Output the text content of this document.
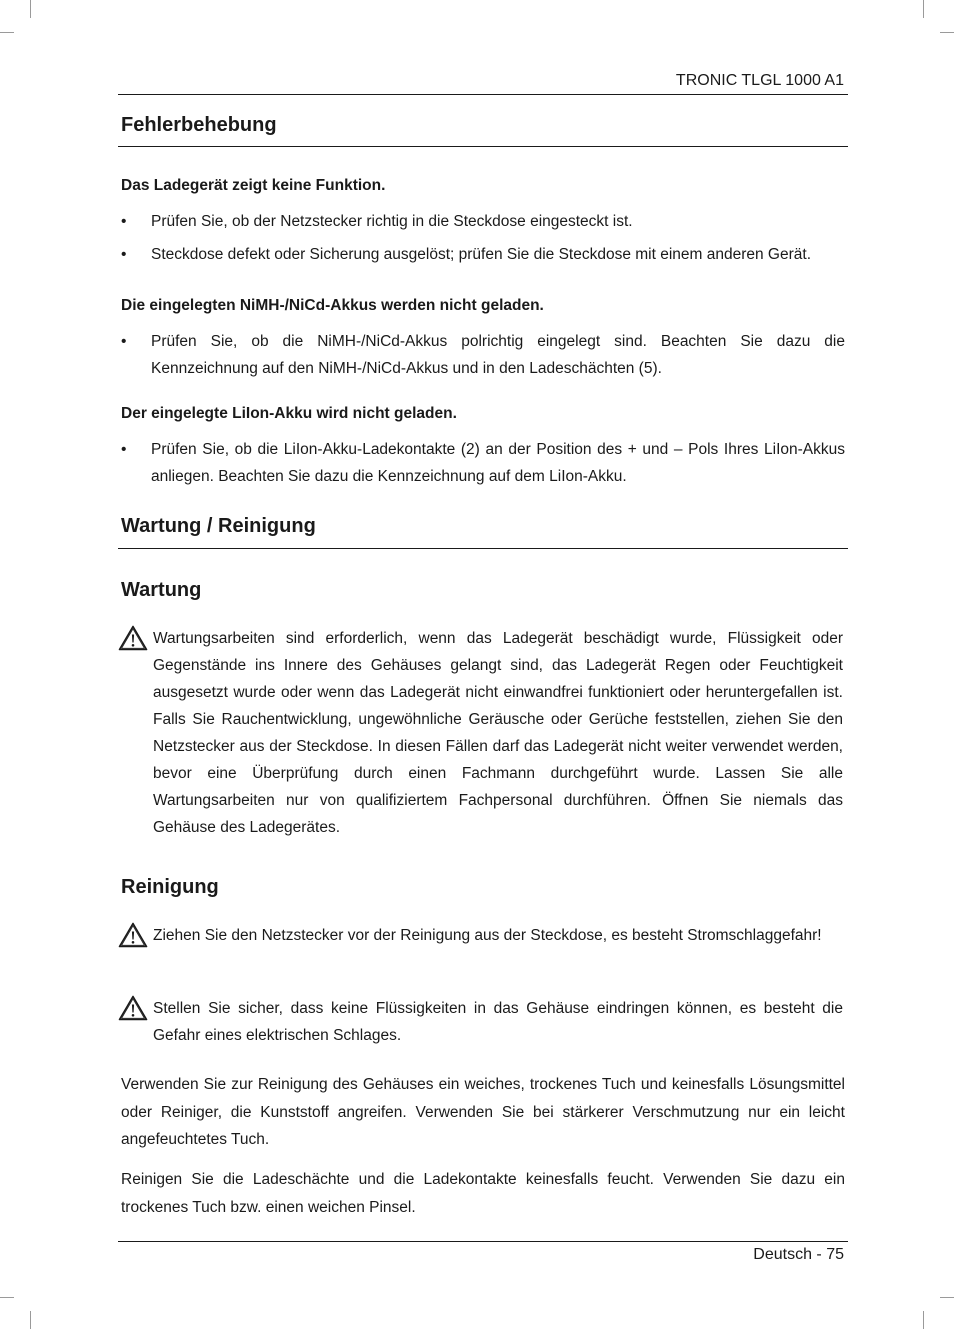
TRONIC TLGL 1000 A1
Fehlerbehebung
Das Ladegerät zeigt keine Funktion.
• Prüfen Sie, ob der Netzstecker richtig in die Steckdose eingesteckt ist.
• Steckdose defekt oder Sicherung ausgelöst; prüfen Sie die Steckdose mit einem anderen Gerät.
Die eingelegten NiMH-/NiCd-Akkus werden nicht geladen.
• Prüfen Sie, ob die NiMH-/NiCd-Akkus polrichtig eingelegt sind. Beachten Sie dazu die Kennzeichnung auf den NiMH-/NiCd-Akkus und in den Ladeschächten (5).
Der eingelegte LiIon-Akku wird nicht geladen.
• Prüfen Sie, ob die LiIon-Akku-Ladekontakte (2) an der Position des + und – Pols Ihres LiIon-Akkus anliegen. Beachten Sie dazu die Kennzeichnung auf dem LiIon-Akku.
Wartung / Reinigung
Wartung
Wartungsarbeiten sind erforderlich, wenn das Ladegerät beschädigt wurde, Flüssigkeit oder Gegenstände ins Innere des Gehäuses gelangt sind, das Ladegerät Regen oder Feuchtigkeit ausgesetzt wurde oder wenn das Ladegerät nicht einwandfrei funktioniert oder heruntergefallen ist. Falls Sie Rauchentwicklung, ungewöhnliche Geräusche oder Gerüche feststellen, ziehen Sie den Netzstecker aus der Steckdose. In diesen Fällen darf das Ladegerät nicht weiter verwendet werden, bevor eine Überprüfung durch einen Fachmann durchgeführt wurde. Lassen Sie alle Wartungsarbeiten nur von qualifiziertem Fachpersonal durchführen. Öffnen Sie niemals das Gehäuse des Ladegerätes.
Reinigung
Ziehen Sie den Netzstecker vor der Reinigung aus der Steckdose, es besteht Stromschlaggefahr!
Stellen Sie sicher, dass keine Flüssigkeiten in das Gehäuse eindringen können, es besteht die Gefahr eines elektrischen Schlages.
Verwenden Sie zur Reinigung des Gehäuses ein weiches, trockenes Tuch und keinesfalls Lösungsmittel oder Reiniger, die Kunststoff angreifen. Verwenden Sie bei stärkerer Verschmutzung nur ein leicht angefeuchtetes Tuch.
Reinigen Sie die Ladeschächte und die Ladekontakte keinesfalls feucht. Verwenden Sie dazu ein trockenes Tuch bzw. einen weichen Pinsel.
Deutsch - 75
